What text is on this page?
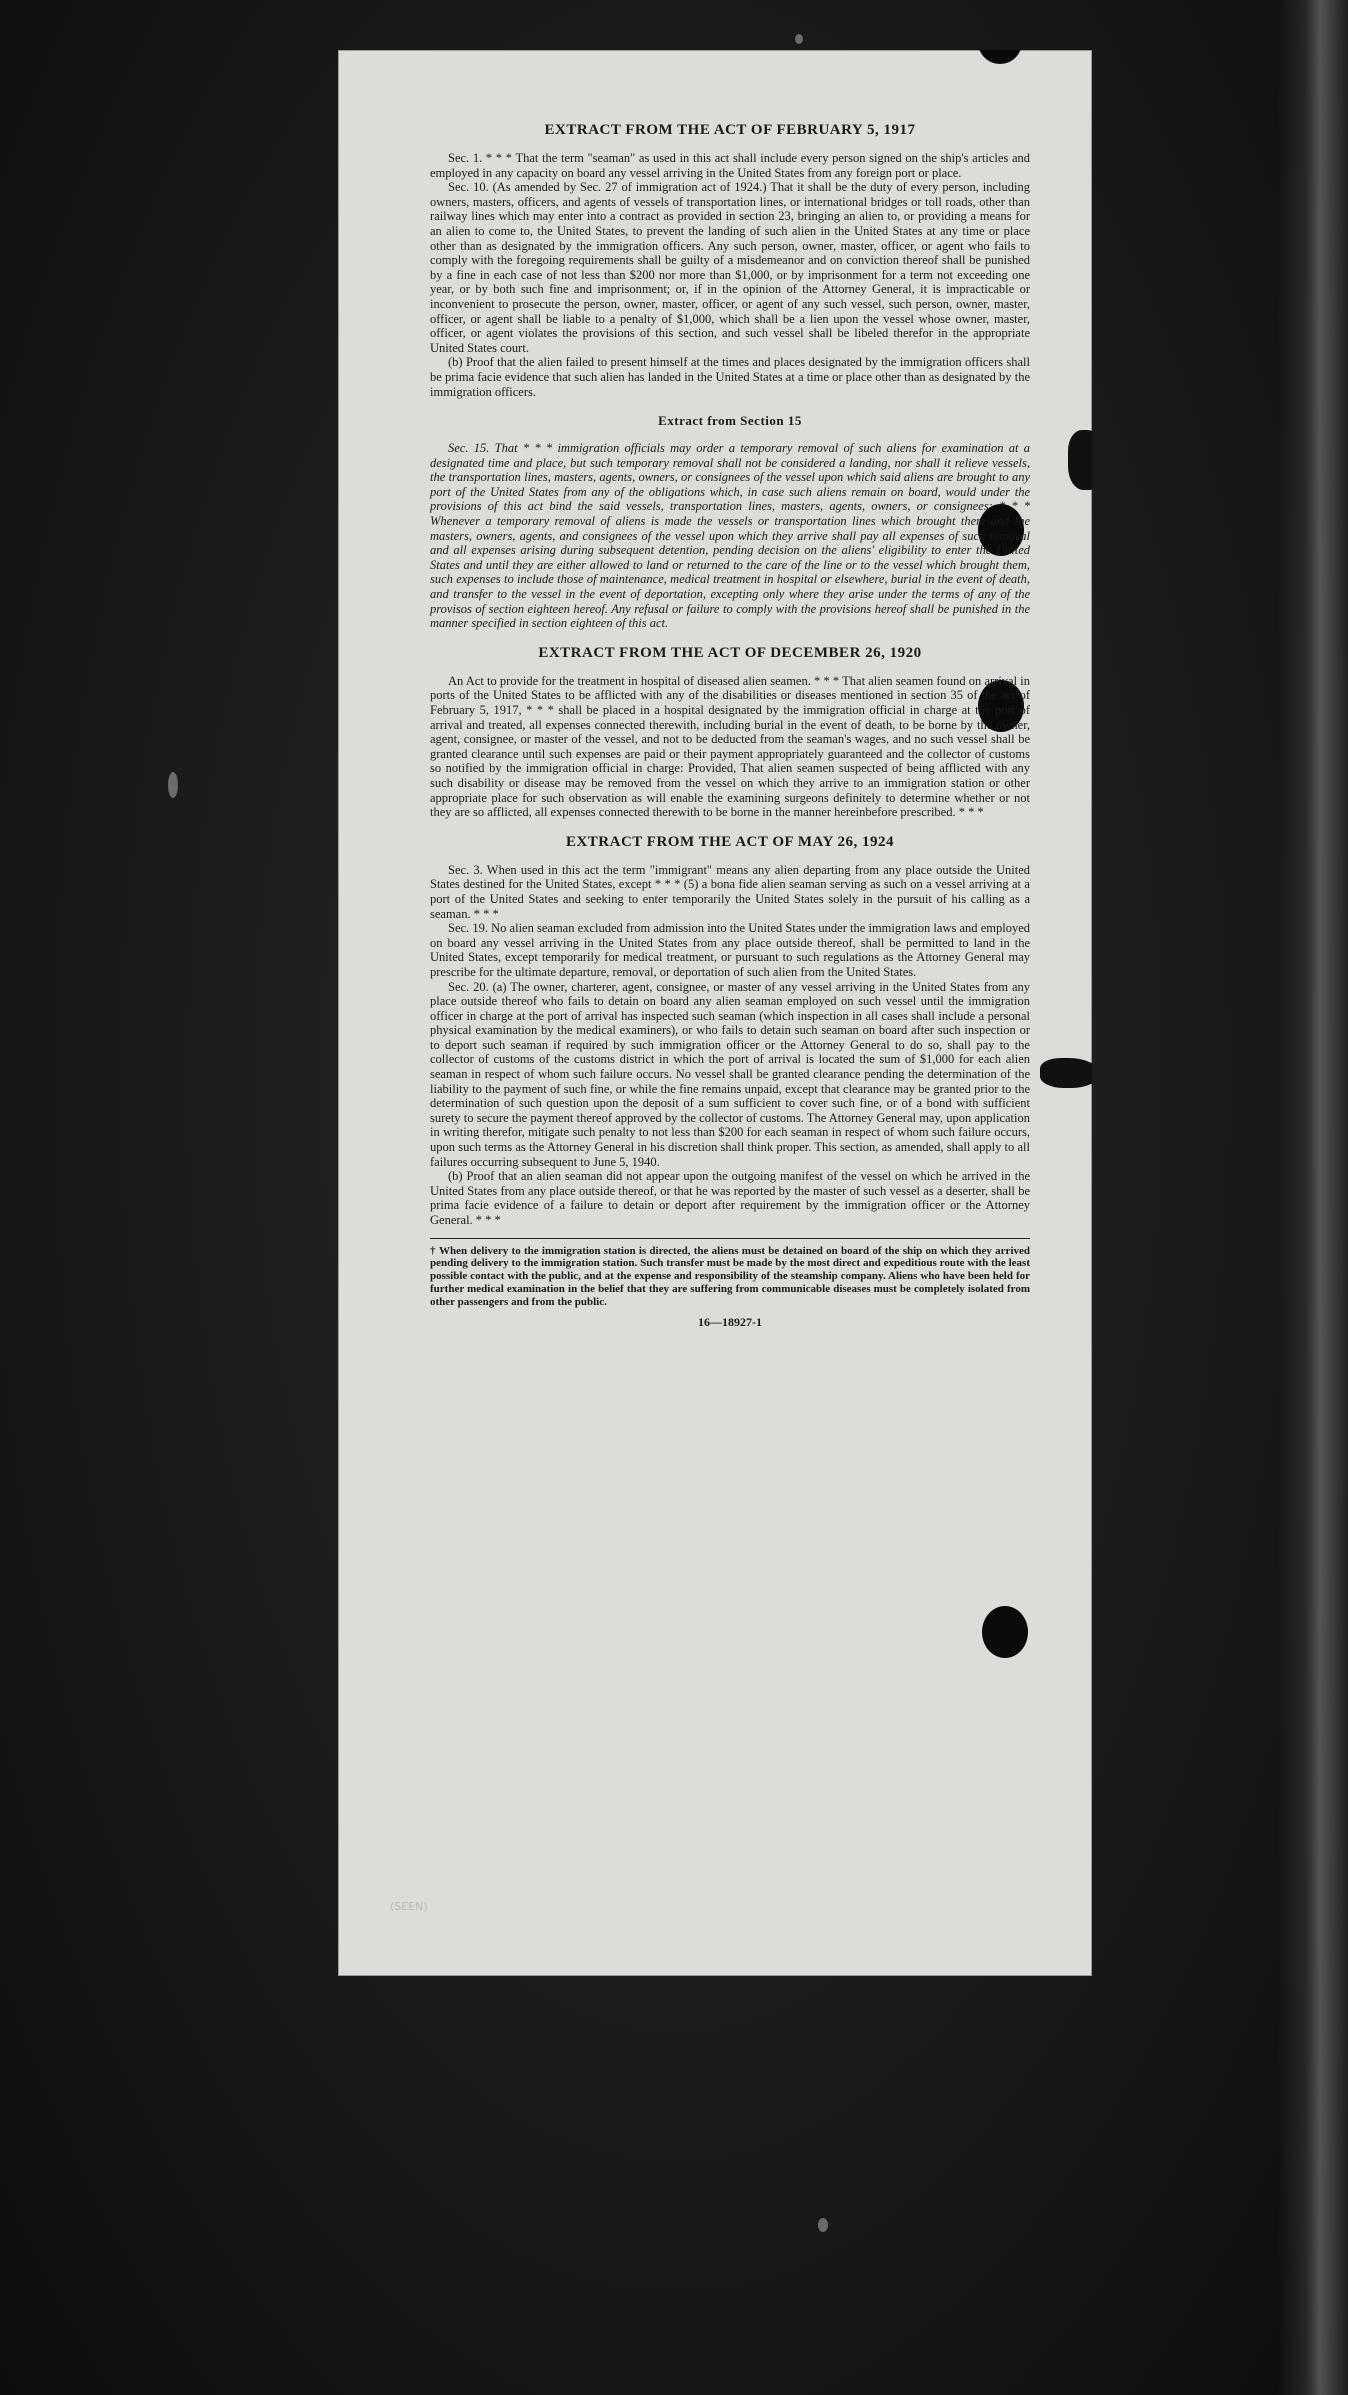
(SEEN)
EXTRACT FROM THE ACT OF FEBRUARY 5, 1917

Sec. 1. * * * That the term "seaman" as used in this act shall include every person signed on the ship's articles and employed in any capacity on board any vessel arriving in the United States from any foreign port or place.

Sec. 10. (As amended by Sec. 27 of immigration act of 1924.) That it shall be the duty of every person, including owners, masters, officers, and agents of vessels of transportation lines, or international bridges or toll roads, other than railway lines which may enter into a contract as provided in section 23, bringing an alien to, or providing a means for an alien to come to, the United States, to prevent the landing of such alien in the United States at any time or place other than as designated by the immigration officers. Any such person, owner, master, officer, or agent who fails to comply with the foregoing requirements shall be guilty of a misdemeanor and on conviction thereof shall be punished by a fine in each case of not less than $200 nor more than $1,000, or by imprisonment for a term not exceeding one year, or by both such fine and imprisonment; or, if in the opinion of the Attorney General, it is impracticable or inconvenient to prosecute the person, owner, master, officer, or agent of any such vessel, such person, owner, master, officer, or agent shall be liable to a penalty of $1,000, which shall be a lien upon the vessel whose owner, master, officer, or agent violates the provisions of this section, and such vessel shall be libeled therefor in the appropriate United States court.

(b) Proof that the alien failed to present himself at the times and places designated by the immigration officers shall be prima facie evidence that such alien has landed in the United States at a time or place other than as designated by the immigration officers.

Extract from Section 15

Sec. 15. That * * * immigration officials may order a temporary removal of such aliens for examination at a designated time and place, but such temporary removal shall not be considered a landing, nor shall it relieve vessels, the transportation lines, masters, agents, owners, or consignees of the vessel upon which said aliens are brought to any port of the United States from any of the obligations which, in case such aliens remain on board, would under the provisions of this act bind the said vessels, transportation lines, masters, agents, owners, or consignees: * * * Whenever a temporary removal of aliens is made the vessels or transportation lines which brought them and the masters, owners, agents, and consignees of the vessel upon which they arrive shall pay all expenses of such removal and all expenses arising during subsequent detention, pending decision on the aliens' eligibility to enter the United States and until they are either allowed to land or returned to the care of the line or to the vessel which brought them, such expenses to include those of maintenance, medical treatment in hospital or elsewhere, burial in the event of death, and transfer to the vessel in the event of deportation, excepting only where they arise under the terms of any of the provisos of section eighteen hereof. Any refusal or failure to comply with the provisions hereof shall be punished in the manner specified in section eighteen of this act.

EXTRACT FROM THE ACT OF DECEMBER 26, 1920

An Act to provide for the treatment in hospital of diseased alien seamen. * * * That alien seamen found on arrival in ports of the United States to be afflicted with any of the disabilities or diseases mentioned in section 35 of the act of February 5, 1917, * * * shall be placed in a hospital designated by the immigration official in charge at the port of arrival and treated, all expenses connected therewith, including burial in the event of death, to be borne by the owner, agent, consignee, or master of the vessel, and not to be deducted from the seaman's wages, and no such vessel shall be granted clearance until such expenses are paid or their payment appropriately guaranteed and the collector of customs so notified by the immigration official in charge: Provided, That alien seamen suspected of being afflicted with any such disability or disease may be removed from the vessel on which they arrive to an immigration station or other appropriate place for such observation as will enable the examining surgeons definitely to determine whether or not they are so afflicted, all expenses connected therewith to be borne in the manner hereinbefore prescribed. * * *

EXTRACT FROM THE ACT OF MAY 26, 1924

Sec. 3. When used in this act the term "immigrant" means any alien departing from any place outside the United States destined for the United States, except * * * (5) a bona fide alien seaman serving as such on a vessel arriving at a port of the United States and seeking to enter temporarily the United States solely in the pursuit of his calling as a seaman. * * *

Sec. 19. No alien seaman excluded from admission into the United States under the immigration laws and employed on board any vessel arriving in the United States from any place outside thereof, shall be permitted to land in the United States, except temporarily for medical treatment, or pursuant to such regulations as the Attorney General may prescribe for the ultimate departure, removal, or deportation of such alien from the United States.

Sec. 20. (a) The owner, charterer, agent, consignee, or master of any vessel arriving in the United States from any place outside thereof who fails to detain on board any alien seaman employed on such vessel until the immigration officer in charge at the port of arrival has inspected such seaman (which inspection in all cases shall include a personal physical examination by the medical examiners), or who fails to detain such seaman on board after such inspection or to deport such seaman if required by such immigration officer or the Attorney General to do so, shall pay to the collector of customs of the customs district in which the port of arrival is located the sum of $1,000 for each alien seaman in respect of whom such failure occurs. No vessel shall be granted clearance pending the determination of the liability to the payment of such fine, or while the fine remains unpaid, except that clearance may be granted prior to the determination of such question upon the deposit of a sum sufficient to cover such fine, or of a bond with sufficient surety to secure the payment thereof approved by the collector of customs. The Attorney General may, upon application in writing therefor, mitigate such penalty to not less than $200 for each seaman in respect of whom such failure occurs, upon such terms as the Attorney General in his discretion shall think proper. This section, as amended, shall apply to all failures occurring subsequent to June 5, 1940.

(b) Proof that an alien seaman did not appear upon the outgoing manifest of the vessel on which he arrived in the United States from any place outside thereof, or that he was reported by the master of such vessel as a deserter, shall be prima facie evidence of a failure to detain or deport after requirement by the immigration officer or the Attorney General. * * *

† When delivery to the immigration station is directed, the aliens must be detained on board of the ship on which they arrived pending delivery to the immigration station. Such transfer must be made by the most direct and expeditious route with the least possible contact with the public, and at the expense and responsibility of the steamship company. Aliens who have been held for further medical examination in the belief that they are suffering from communicable diseases must be completely isolated from other passengers and from the public.

16—18927-1
